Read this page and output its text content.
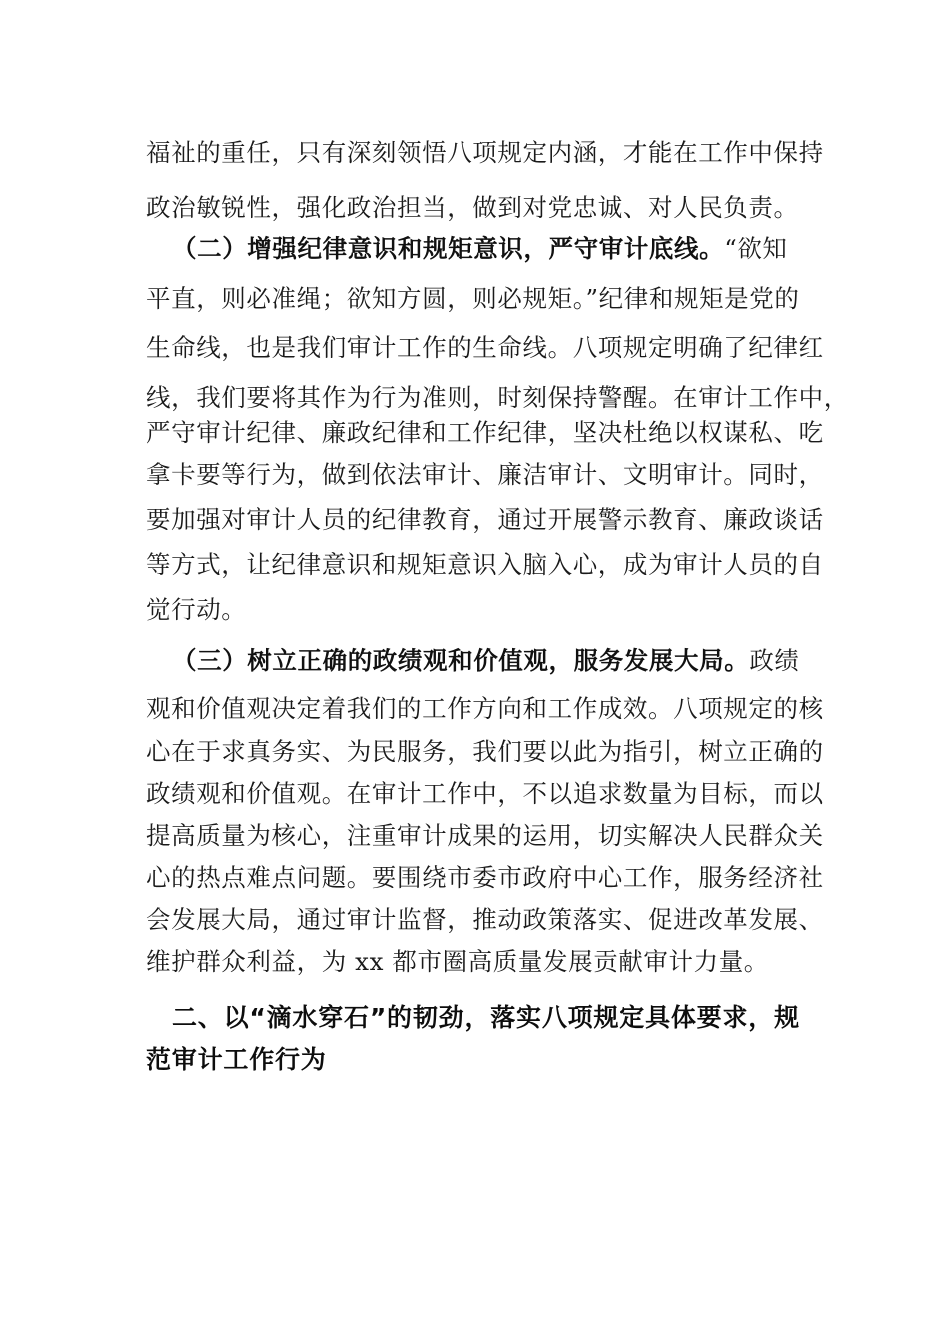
福祉的重任，只有深刻领悟八项规定内涵，才能在工作中保持
政治敏锐性，强化政治担当，做到对党忠诚、对人民负责。
（二）增强纪律意识和规矩意识，严守审计底线。“欲知
平直，则必准绳；欲知方圆，则必规矩。”纪律和规矩是党的
生命线，也是我们审计工作的生命线。八项规定明确了纪律红
线，我们要将其作为行为准则，时刻保持警醒。在审计工作中，
严守审计纪律、廉政纪律和工作纪律，坚决杜绝以权谋私、吃
拿卡要等行为，做到依法审计、廉洁审计、文明审计。同时，
要加强对审计人员的纪律教育，通过开展警示教育、廉政谈话
等方式，让纪律意识和规矩意识入脑入心，成为审计人员的自
觉行动。
（三）树立正确的政绩观和价值观，服务发展大局。政绩
观和价值观决定着我们的工作方向和工作成效。八项规定的核
心在于求真务实、为民服务，我们要以此为指引，树立正确的
政绩观和价值观。在审计工作中，不以追求数量为目标，而以
提高质量为核心，注重审计成果的运用，切实解决人民群众关
心的热点难点问题。要围绕市委市政府中心工作，服务经济社
会发展大局，通过审计监督，推动政策落实、促进改革发展、
维护群众利益，为 xx 都市圈高质量发展贡献审计力量。
二、以“滴水穿石”的韧劲，落实八项规定具体要求，规
范审计工作行为
